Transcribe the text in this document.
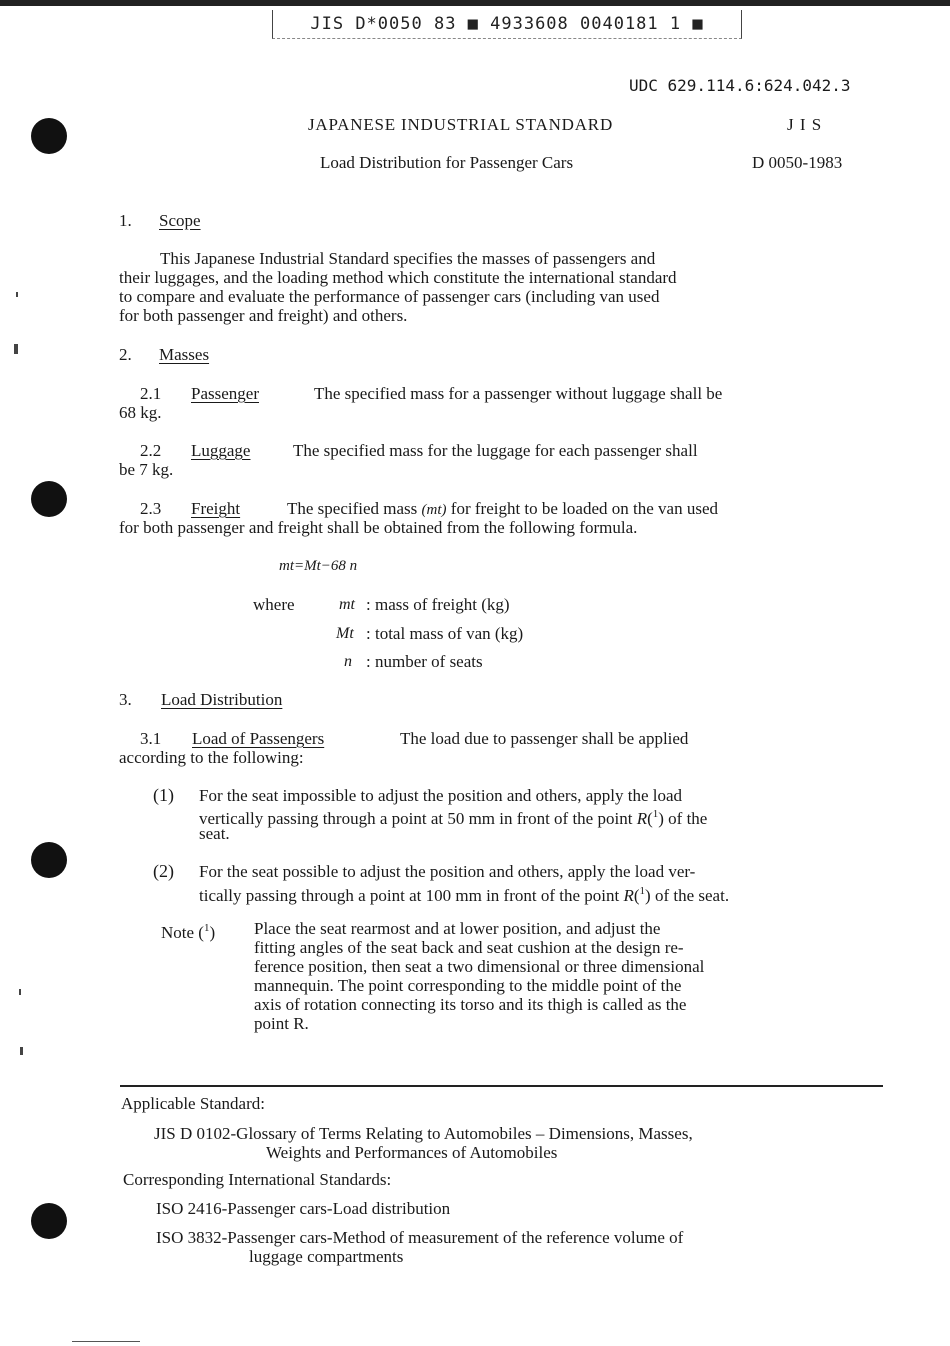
JIS D*0050 83 ■ 4933608 0040181 1 ■
UDC 629.114.6:624.042.3
JAPANESE INDUSTRIAL STANDARD	J I S
Load Distribution for Passenger Cars	D 0050-1983
1. Scope
This Japanese Industrial Standard specifies the masses of passengers and
their luggages, and the loading method which constitute the international standard
to compare and evaluate the performance of passenger cars (including van used
for both passenger and freight) and others.
2. Masses
2.1 Passenger	The specified mass for a passenger without luggage shall be
68 kg.
2.2 Luggage	The specified mass for the luggage for each passenger shall
be 7 kg.
2.3 Freight	The specified mass (mt) for freight to be loaded on the van used
for both passenger and freight shall be obtained from the following formula.
mt=Mt−68 n
where	mt : mass of freight (kg)
Mt : total mass of van (kg)
n : number of seats
3. Load Distribution
3.1 Load of Passengers	The load due to passenger shall be applied
according to the following:
(1) For the seat impossible to adjust the position and others, apply the load
vertically passing through a point at 50 mm in front of the point R($^1$) of the
seat.
(2) For the seat possible to adjust the position and others, apply the load ver-
tically passing through a point at 100 mm in front of the point R($^1$) of the seat.
Note ($^1$) Place the seat rearmost and at lower position, and adjust the
fitting angles of the seat back and seat cushion at the design re-
ference position, then seat a two dimensional or three dimensional
mannequin. The point corresponding to the middle point of the
axis of rotation connecting its torso and its thigh is called as the
point R.
Applicable Standard:
JIS D 0102-Glossary of Terms Relating to Automobiles – Dimensions, Masses,
Weights and Performances of Automobiles
Corresponding International Standards:
ISO 2416-Passenger cars-Load distribution
ISO 3832-Passenger cars-Method of measurement of the reference volume of
luggage compartments
